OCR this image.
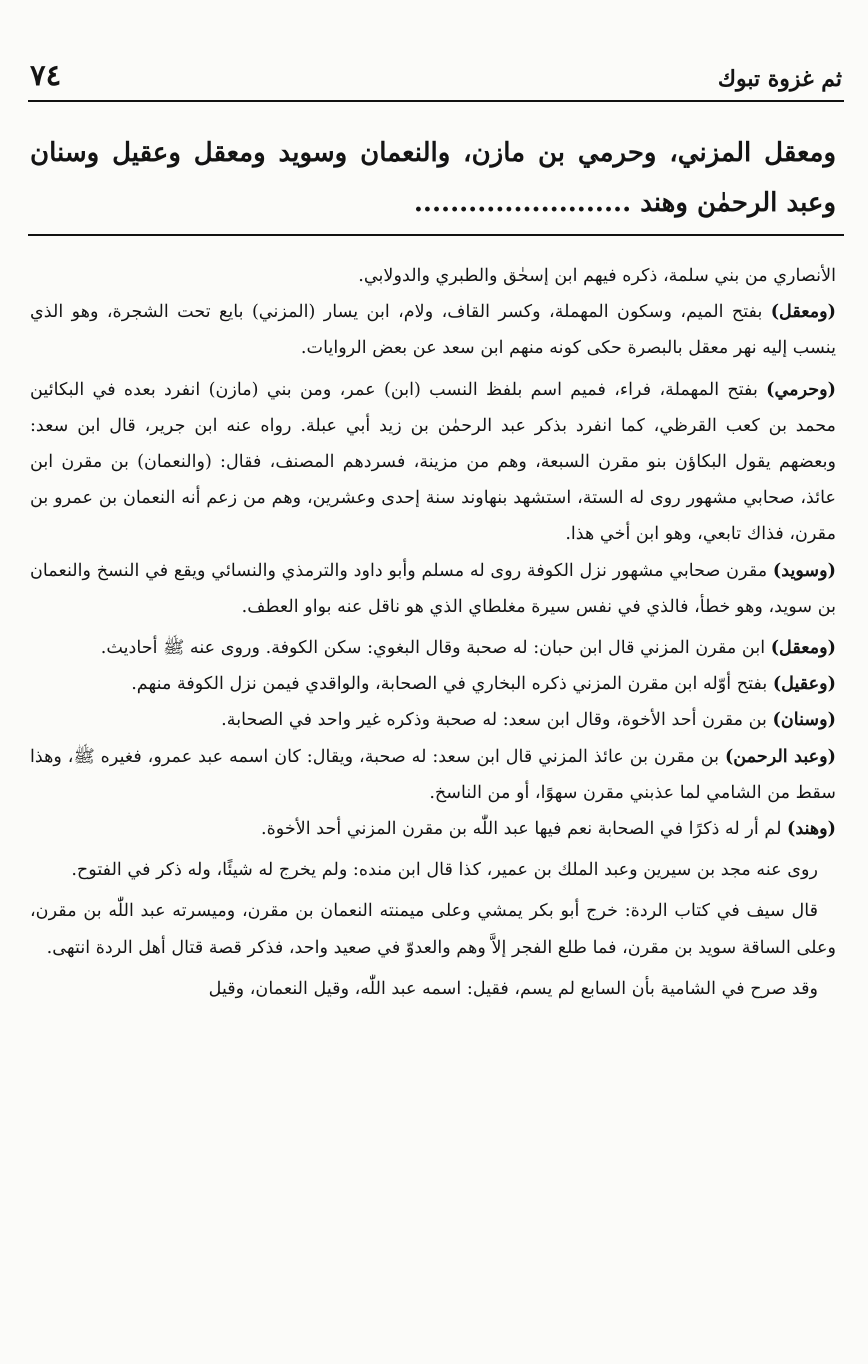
ثم غزوة تبوك
٧٤
ومعقل المزني، وحرمي بن مازن، والنعمان وسويد ومعقل وعقيل وسنان وعبد الرحمٰن وهند ........................

الأنصاري من بني سلمة، ذكره فيهم ابن إسحٰق والطبري والدولابي.

(ومعقل) بفتح الميم، وسكون المهملة، وكسر القاف، ولام، ابن يسار (المزني) بايع تحت الشجرة، وهو الذي ينسب إليه نهر معقل بالبصرة حكى كونه منهم ابن سعد عن بعض الروايات.

(وحرمي) بفتح المهملة، فراء، فميم اسم بلفظ النسب (ابن) عمر، ومن بني (مازن) انفرد بعده في البكائين محمد بن كعب القرظي، كما انفرد بذكر عبد الرحمٰن بن زيد أبي عبلة. رواه عنه ابن جرير، قال ابن سعد: وبعضهم يقول البكاؤن بنو مقرن السبعة، وهم من مزينة، فسردهم المصنف، فقال: (والنعمان) بن مقرن ابن عائذ، صحابي مشهور روى له الستة، استشهد بنهاوند سنة إحدى وعشرين، وهم من زعم أنه النعمان بن عمرو بن مقرن، فذاك تابعي، وهو ابن أخي هذا.

(وسويد) مقرن صحابي مشهور نزل الكوفة روى له مسلم وأبو داود والترمذي والنسائي ويقع في النسخ والنعمان بن سويد، وهو خطأ، فالذي في نفس سيرة مغلطاي الذي هو ناقل عنه بواو العطف.

(ومعقل) ابن مقرن المزني قال ابن حبان: له صحبة وقال البغوي: سكن الكوفة. وروى عنه ﷺ أحاديث.

(وعقيل) بفتح أوّله ابن مقرن المزني ذكره البخاري في الصحابة، والواقدي فيمن نزل الكوفة منهم.

(وسنان) بن مقرن أحد الأخوة، وقال ابن سعد: له صحبة وذكره غير واحد في الصحابة.

(وعبد الرحمن) بن مقرن بن عائذ المزني قال ابن سعد: له صحبة، ويقال: كان اسمه عبد عمرو، فغيره ﷺ، وهذا سقط من الشامي لما عذبني مقرن سهوًا، أو من الناسخ.

(وهند) لم أر له ذكرًا في الصحابة نعم فيها عبد اللّٰه بن مقرن المزني أحد الأخوة.

روى عنه مجد بن سيرين وعبد الملك بن عمير، كذا قال ابن منده: ولم يخرج له شيئًا، وله ذكر في الفتوح.

قال سيف في كتاب الردة: خرج أبو بكر يمشي وعلى ميمنته النعمان بن مقرن، وميسرته عبد اللّٰه بن مقرن، وعلى الساقة سويد بن مقرن، فما طلع الفجر إلاَّ وهم والعدوّ في صعيد واحد، فذكر قصة قتال أهل الردة انتهى.

وقد صرح في الشامية بأن السابع لم يسم، فقيل: اسمه عبد اللّٰه، وقيل النعمان، وقيل
